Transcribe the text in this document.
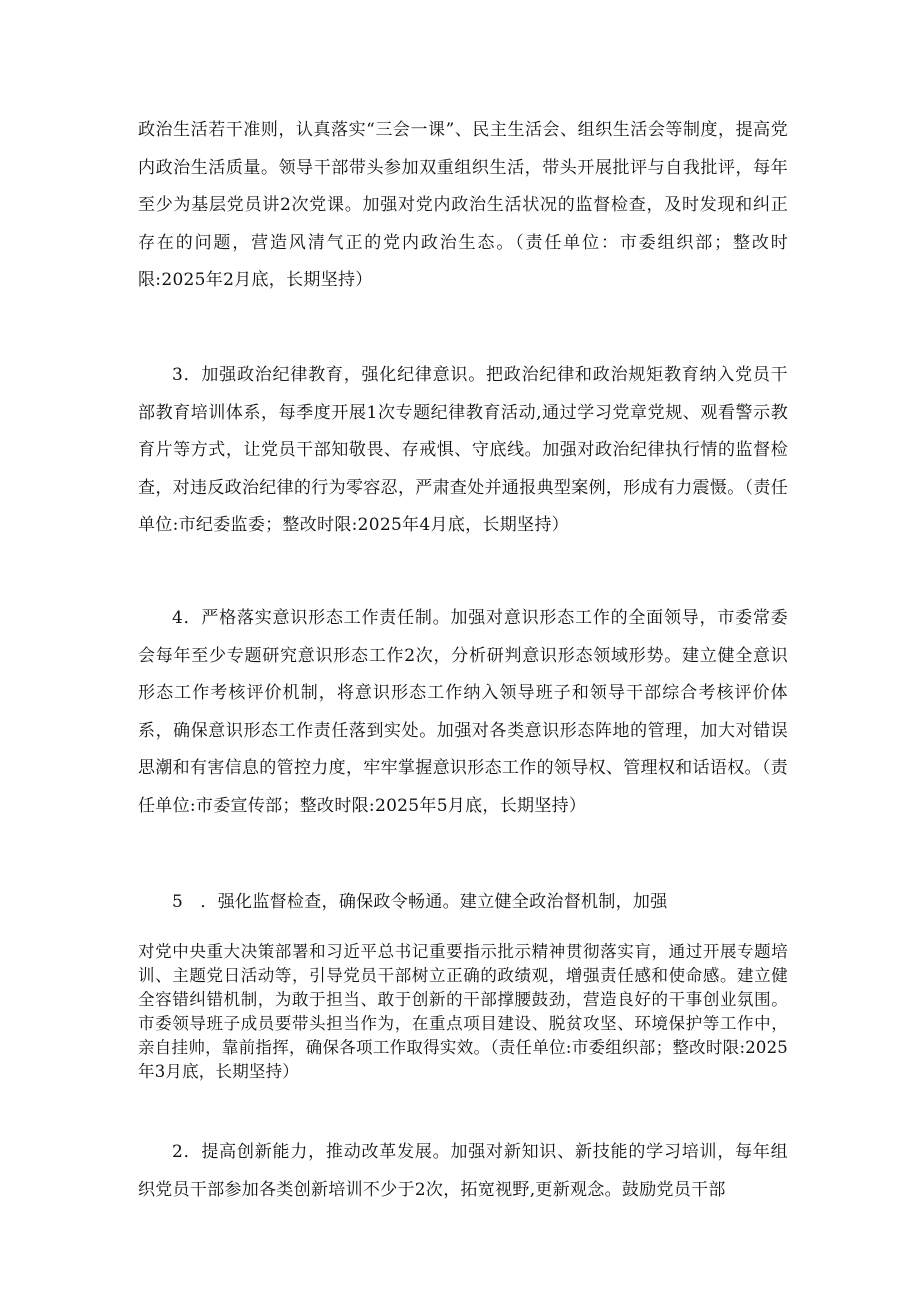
政治生活若干准则，认真落实“三会一课”、民主生活会、组织生活会等制度，提高党内政治生活质量。领导干部带头参加双重组织生活，带头开展批评与自我批评，每年至少为基层党员讲2次党课。加强对党内政治生活状况的监督检查，及时发现和纠正存在的问题，营造风清气正的党内政治生态。（责任单位：市委组织部；整改时限:2025年2月底，长期坚持）

3．加强政治纪律教育，强化纪律意识。把政治纪律和政治规矩教育纳入党员干部教育培训体系，每季度开展1次专题纪律教育活动,通过学习党章党规、观看警示教育片等方式，让党员干部知敬畏、存戒惧、守底线。加强对政治纪律执行情的监督检查，对违反政治纪律的行为零容忍，严肃查处并通报典型案例，形成有力震慑。（责任单位:市纪委监委；整改时限:2025年4月底，长期坚持）

4．严格落实意识形态工作责任制。加强对意识形态工作的全面领导，市委常委会每年至少专题研究意识形态工作2次，分析研判意识形态领域形势。建立健全意识形态工作考核评价机制，将意识形态工作纳入领导班子和领导干部综合考核评价体系，确保意识形态工作责任落到实处。加强对各类意识形态阵地的管理，加大对错误思潮和有害信息的管控力度，牢牢掌握意识形态工作的领导权、管理权和话语权。（责任单位:市委宣传部；整改时限:2025年5月底，长期坚持）

5　．强化监督检查，确保政令畅通。建立健全政治督机制，加强

对党中央重大决策部署和习近平总书记重要指示批示精神贯彻落实肓，通过开展专题培训、主题党日活动等，引导党员干部树立正确的政绩观，增强责任感和使命感。建立健全容错纠错机制，为敢于担当、敢于创新的干部撑腰鼓劲，营造良好的干事创业氛围。市委领导班子成员要带头担当作为，在重点项目建设、脱贫攻坚、环境保护等工作中，亲自挂帅，靠前指挥，确保各项工作取得实效。（责任单位:市委组织部；整改时限:2025年3月底，长期坚持）

2．提高创新能力，推动改革发展。加强对新知识、新技能的学习培训，每年组织党员干部参加各类创新培训不少于2次，拓宽视野,更新观念。鼓励党员干部
